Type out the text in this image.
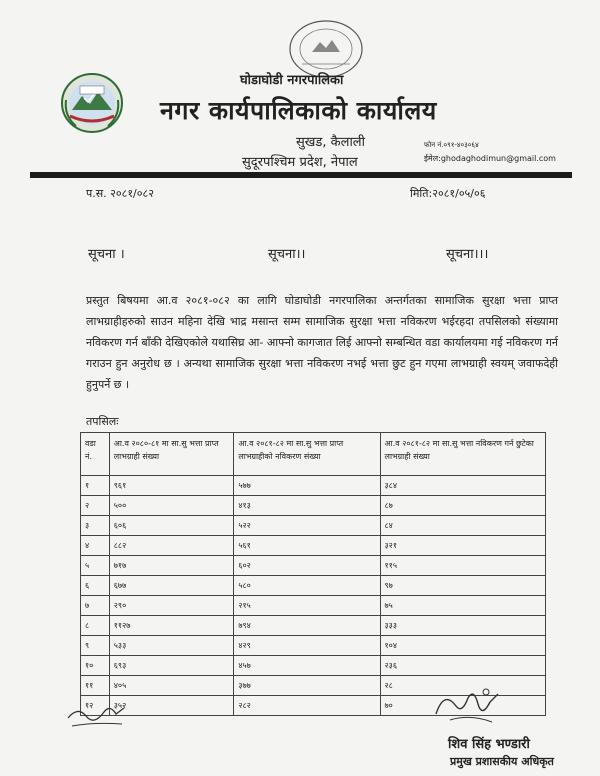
घोडाघोडी नगरपालिका
नगर कार्यपालिकाको कार्यालय
सुखड, कैलाली
सुदूरपश्चिम प्रदेश, नेपाल
फोन नं.०९१-४०३०६४
ईमेल:ghodaghodimun@gmail.com
प.स. २०८१/०८२	मिति:२०८१/०५/०६
सूचना ।	सूचना।।	सूचना।।।
प्रस्तुत बिषयमा आ.व २०८१-०८२ का लागि घोडाघोडी नगरपालिका अन्तर्गतका सामाजिक सुरक्षा भत्ता प्राप्त लाभग्राहीहरुको साउन महिना देखि भाद्र मसान्त सम्म सामाजिक सुरक्षा भत्ता नविकरण भईरहदा तपसिलको संख्यामा नविकरण गर्न बाँकी देखिएकोले यथासिघ्र आ- आफ्नो कागजात लिई आफ्नो सम्बन्धित वडा कार्यालयमा गई नविकरण गर्न गराउन हुन अनुरोध छ । अन्यथा सामाजिक सुरक्षा भत्ता नविकरण नभई भत्ता छुट हुन गएमा लाभग्राही स्वयम् जवाफदेही हुनुपर्ने छ ।
तपसिलः
वडा नं.	आ.व २०८०-८१ मा सा.सु भत्ता प्राप्त लाभग्राही संख्या	आ.व २०८१-८२ मा सा.सु भत्ता प्राप्त लाभग्राहीको नविकरण संख्या	आ.व २०८१-८२ मा सा.सु भत्ता नविकरण गर्न छुटेका लाभग्राही संख्या
१	९६१	५७७	३८४
२	५००	४१३	८७
३	६०६	५२२	८४
४	८८२	५६१	३२१
५	७१७	६०२	११५
६	६७७	५८०	९७
७	२९०	२१५	७५
८	११२७	७९४	३३३
९	५३३	४२९	१०४
१०	६९३	४५७	२३६
११	४०५	३७७	२८
१२	३५२	२८२	७०
शिव सिंह भण्डारी
प्रमुख प्रशासकीय अधिकृत
